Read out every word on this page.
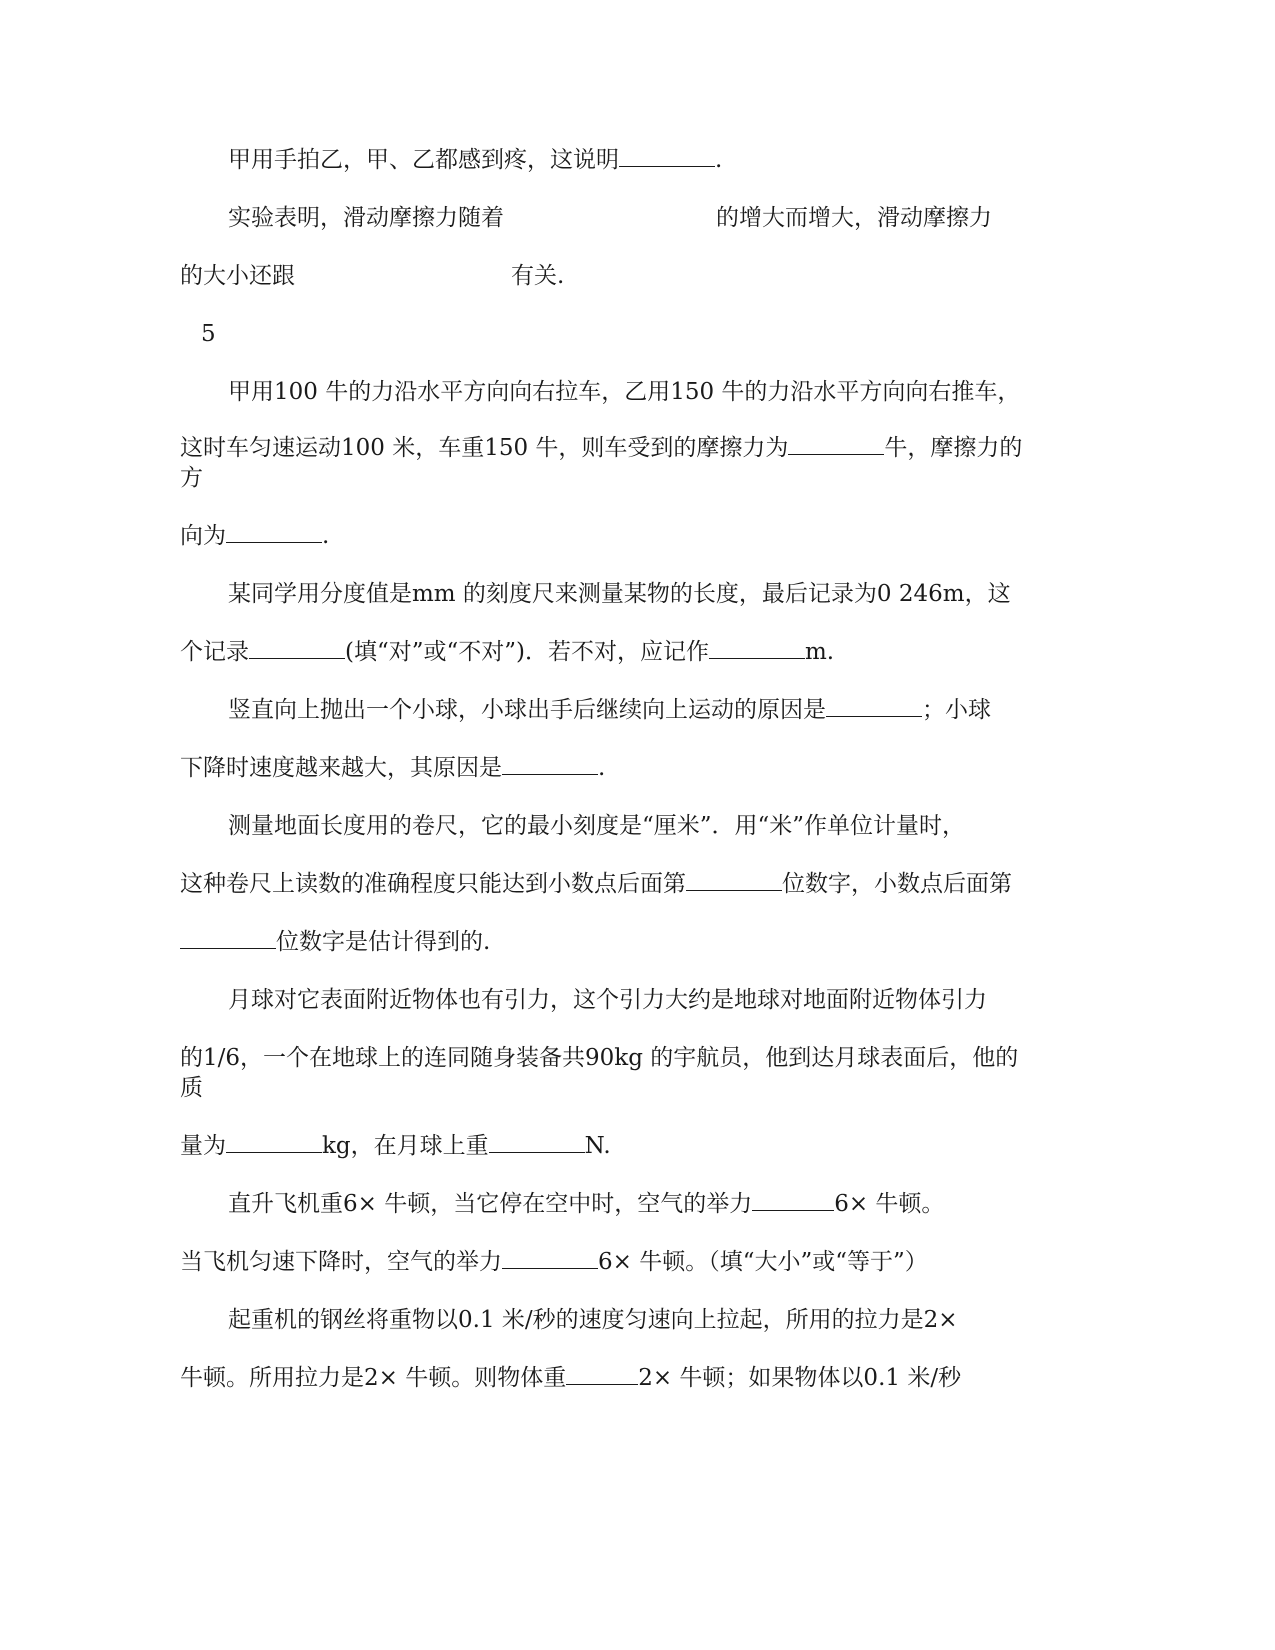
甲用手拍乙，甲、乙都感到疼，这说明	.
实验表明，滑动摩擦力随着	的增大而增大，滑动摩擦力
的大小还跟	有关.
5
甲用100 牛的力沿水平方向向右拉车，乙用150 牛的力沿水平方向向右推车，
这时车匀速运动100 米，车重150 牛，则车受到的摩擦力为	牛，摩擦力的
方
向为	.
某同学用分度值是mm 的刻度尺来测量某物的长度，最后记录为0 246m，这
个记录	(填“对”或“不对”)．若不对，应记作	m.
竖直向上抛出一个小球，小球出手后继续向上运动的原因是	；小球
下降时速度越来越大，其原因是	.
测量地面长度用的卷尺，它的最小刻度是“厘米”．用“米”作单位计量时，
这种卷尺上读数的准确程度只能达到小数点后面第	位数字，小数点后面第
位数字是估计得到的.
月球对它表面附近物体也有引力，这个引力大约是地球对地面附近物体引力
的1/6，一个在地球上的连同随身装备共90kg 的宇航员，他到达月球表面后，他的
质
量为	kg，在月球上重	N.
直升飞机重6× 牛顿，当它停在空中时，空气的举力	6× 牛顿。
当飞机匀速下降时，空气的举力	6× 牛顿。（填“大小”或“等于”）
起重机的钢丝将重物以0.1 米/秒的速度匀速向上拉起，所用的拉力是2×
牛顿。所用拉力是2× 牛顿。则物体重	2× 牛顿；如果物体以0.1 米/秒
